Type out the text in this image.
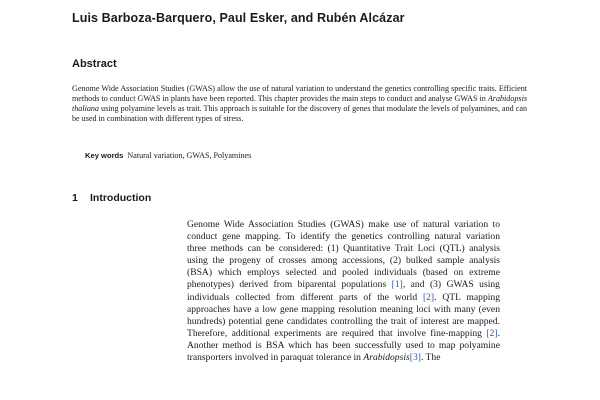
Luis Barboza-Barquero, Paul Esker, and Rubén Alcázar
Abstract
Genome Wide Association Studies (GWAS) allow the use of natural variation to understand the genetics controlling specific traits. Efficient methods to conduct GWAS in plants have been reported. This chapter provides the main steps to conduct and analyse GWAS in Arabidopsis thaliana using polyamine levels as trait. This approach is suitable for the discovery of genes that modulate the levels of polyamines, and can be used in combination with different types of stress.
Key words Natural variation, GWAS, Polyamines
1 Introduction
Genome Wide Association Studies (GWAS) make use of natural variation to conduct gene mapping. To identify the genetics controlling natural variation three methods can be considered: (1) Quantitative Trait Loci (QTL) analysis using the progeny of crosses among accessions, (2) bulked sample analysis (BSA) which employs selected and pooled individuals (based on extreme phenotypes) derived from biparental populations [1], and (3) GWAS using individuals collected from different parts of the world [2]. QTL mapping approaches have a low gene mapping resolution meaning loci with many (even hundreds) potential gene candidates controlling the trait of interest are mapped. Therefore, additional experiments are required that involve fine-mapping [2]. Another method is BSA which has been successfully used to map polyamine transporters involved in paraquat tolerance in Arabidopsis[3]. The
